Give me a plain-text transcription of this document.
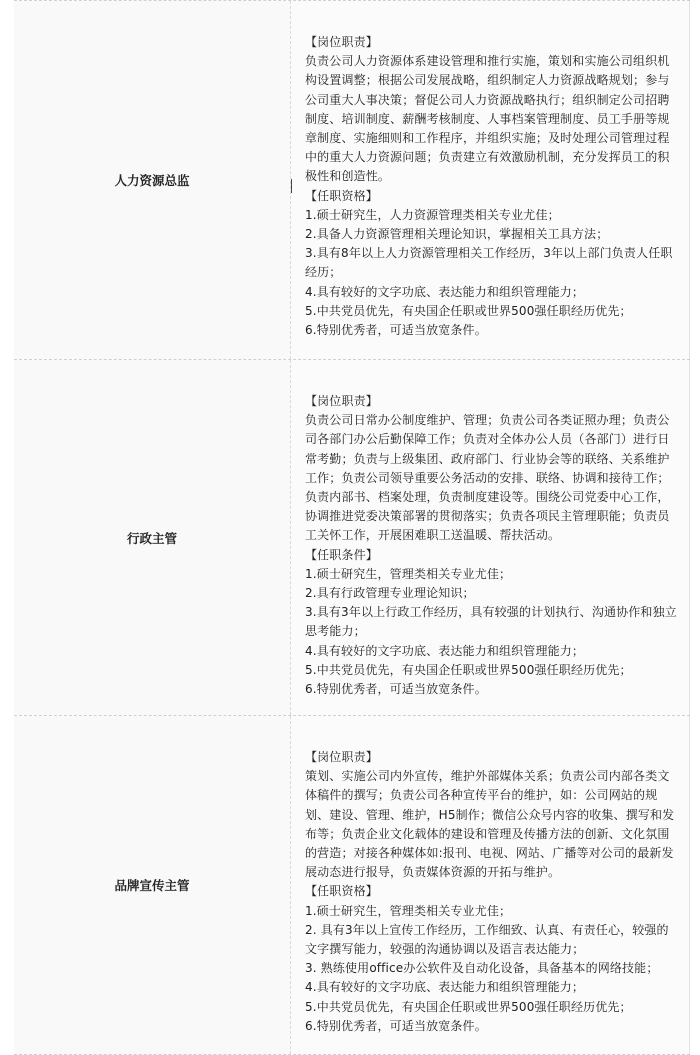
人力资源总监
【岗位职责】
负责公司人力资源体系建设管理和推行实施，策划和实施公司组织机
构设置调整；根据公司发展战略，组织制定人力资源战略规划；参与
公司重大人事决策；督促公司人力资源战略执行；组织制定公司招聘
制度、培训制度、薪酬考核制度、人事档案管理制度、员工手册等规
章制度、实施细则和工作程序，并组织实施；及时处理公司管理过程
中的重大人力资源问题；负责建立有效激励机制，充分发挥员工的积
极性和创造性。
【任职资格】
1.硕士研究生，人力资源管理类相关专业尤佳；
2.具备人力资源管理相关理论知识，掌握相关工具方法；
3.具有8年以上人力资源管理相关工作经历，3年以上部门负责人任职
经历；
4.具有较好的文字功底、表达能力和组织管理能力；
5.中共党员优先，有央国企任职或世界500强任职经历优先；
6.特别优秀者，可适当放宽条件。
行政主管
【岗位职责】
负责公司日常办公制度维护、管理；负责公司各类证照办理；负责公
司各部门办公后勤保障工作；负责对全体办公人员（各部门）进行日
常考勤；负责与上级集团、政府部门、行业协会等的联络、关系维护
工作；负责公司领导重要公务活动的安排、联络、协调和接待工作；
负责内部书、档案处理，负责制度建设等。围绕公司党委中心工作，
协调推进党委决策部署的贯彻落实；负责各项民主管理职能；负责员
工关怀工作，开展困难职工送温暖、帮扶活动。
【任职条件】
1.硕士研究生，管理类相关专业尤佳；
2.具有行政管理专业理论知识；
3.具有3年以上行政工作经历，具有较强的计划执行、沟通协作和独立
思考能力；
4.具有较好的文字功底、表达能力和组织管理能力；
5.中共党员优先，有央国企任职或世界500强任职经历优先；
6.特别优秀者，可适当放宽条件。
品牌宣传主管
【岗位职责】
策划、实施公司内外宣传，维护外部媒体关系；负责公司内部各类文
体稿件的撰写；负责公司各种宣传平台的维护，如：公司网站的规
划、建设、管理、维护，H5制作；微信公众号内容的收集、撰写和发
布等；负责企业文化载体的建设和管理及传播方法的创新、文化氛围
的营造；对接各种媒体如:报刊、电视、网站、广播等对公司的最新发
展动态进行报导，负责媒体资源的开拓与维护。
【任职资格】
1.硕士研究生，管理类相关专业尤佳；
2. 具有3年以上宣传工作经历，工作细致、认真、有责任心，较强的
文字撰写能力，较强的沟通协调以及语言表达能力；
3. 熟练使用office办公软件及自动化设备，具备基本的网络技能；
4.具有较好的文字功底、表达能力和组织管理能力；
5.中共党员优先，有央国企任职或世界500强任职经历优先；
6.特别优秀者，可适当放宽条件。
